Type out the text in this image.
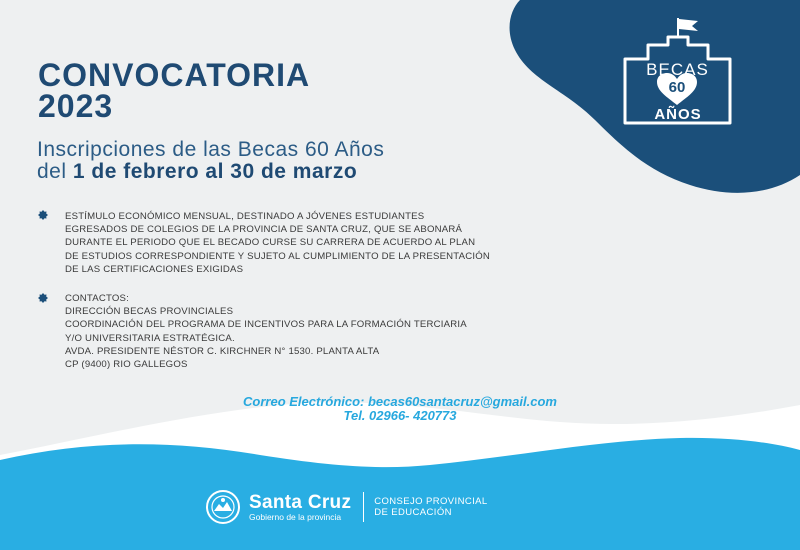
BECAS
60
AÑOS
CONVOCATORIA
2023
Inscripciones de las Becas 60 Años
del 1 de febrero al 30 de marzo
ESTÍMULO ECONÓMICO MENSUAL, DESTINADO A JÓVENES ESTUDIANTES
EGRESADOS DE COLEGIOS DE LA PROVINCIA DE SANTA CRUZ, QUE SE ABONARÁ
DURANTE EL PERIODO QUE EL BECADO CURSE SU CARRERA DE ACUERDO AL PLAN
DE ESTUDIOS CORRESPONDIENTE Y SUJETO AL CUMPLIMIENTO DE LA PRESENTACIÓN
DE LAS CERTIFICACIONES EXIGIDAS
CONTACTOS:
DIRECCIÓN BECAS PROVINCIALES
COORDINACIÓN DEL PROGRAMA DE INCENTIVOS PARA LA FORMACIÓN TERCIARIA
Y/O UNIVERSITARIA ESTRATÉGICA.
AVDA. PRESIDENTE NÉSTOR C. KIRCHNER N° 1530. PLANTA ALTA
CP (9400) RIO GALLEGOS
Correo Electrónico: becas60santacruz@gmail.com
Tel. 02966- 420773
Santa Cruz
Gobierno de la provincia
CONSEJO PROVINCIAL
DE EDUCACIÓN
